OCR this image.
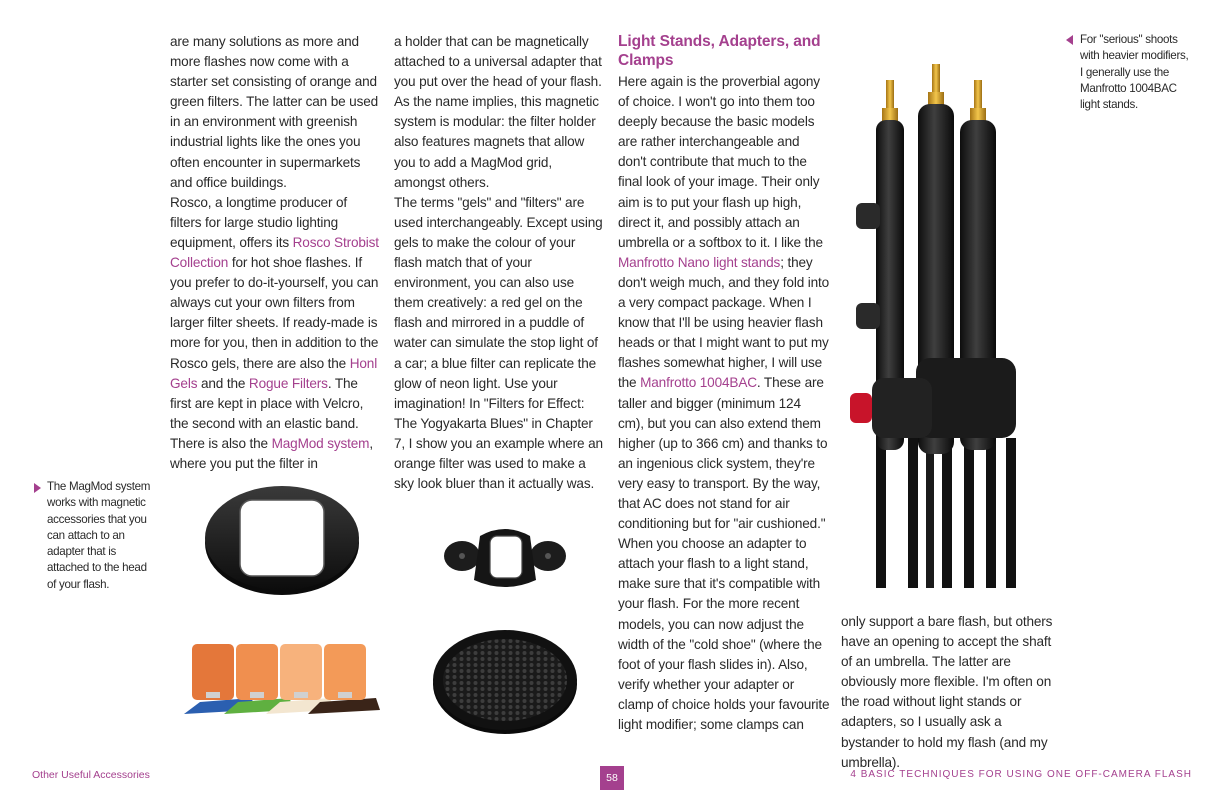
are many solutions as more and more flashes now come with a starter set consisting of orange and green filters. The latter can be used in an environment with greenish industrial lights like the ones you often encounter in supermarkets and office buildings.

Rosco, a longtime producer of filters for large studio lighting equipment, offers its Rosco Strobist Collection for hot shoe flashes. If you prefer to do-it-yourself, you can always cut your own filters from larger filter sheets. If ready-made is more for you, then in addition to the Rosco gels, there are also the Honl Gels and the Rogue Filters. The first are kept in place with Velcro, the second with an elastic band. There is also the MagMod system, where you put the filter in

a holder that can be magnetically attached to a universal adapter that you put over the head of your flash. As the name implies, this magnetic system is modular: the filter holder also features magnets that allow you to add a MagMod grid, amongst others.

The terms "gels" and "filters" are used interchangeably. Except using gels to make the colour of your flash match that of your environment, you can also use them creatively: a red gel on the flash and mirrored in a puddle of water can simulate the stop light of a car; a blue filter can replicate the glow of neon light. Use your imagination! In "Filters for Effect: The Yogyakarta Blues" in Chapter 7, I show you an example where an orange filter was used to make a sky look bluer than it actually was.

Light Stands, Adapters, and Clamps

Here again is the proverbial agony of choice. I won't go into them too deeply because the basic models are rather interchangeable and don't contribute that much to the final look of your image. Their only aim is to put your flash up high, direct it, and possibly attach an umbrella or a softbox to it. I like the Manfrotto Nano light stands; they don't weigh much, and they fold into a very compact package. When I know that I'll be using heavier flash heads or that I might want to put my flashes somewhat higher, I will use the Manfrotto 1004BAC. These are taller and bigger (minimum 124 cm), but you can also extend them higher (up to 366 cm) and thanks to an ingenious click system, they're very easy to transport. By the way, that AC does not stand for air conditioning but for "air cushioned."

When you choose an adapter to attach your flash to a light stand, make sure that it's compatible with your flash. For the more recent models, you can now adjust the width of the "cold shoe" (where the foot of your flash slides in). Also, verify whether your adapter or clamp of choice holds your favourite light modifier; some clamps can

only support a bare flash, but others have an opening to accept the shaft of an umbrella. The latter are obviously more flexible. I'm often on the road without light stands or adapters, so I usually ask a bystander to hold my flash (and my umbrella).

The MagMod system works with magnetic accessories that you can attach to an adapter that is attached to the head of your flash.
For "serious" shoots with heavier modifiers, I generally use the Manfrotto 1004BAC light stands.
Other Useful Accessories	58	4 BASIC TECHNIQUES FOR USING ONE OFF-CAMERA FLASH
